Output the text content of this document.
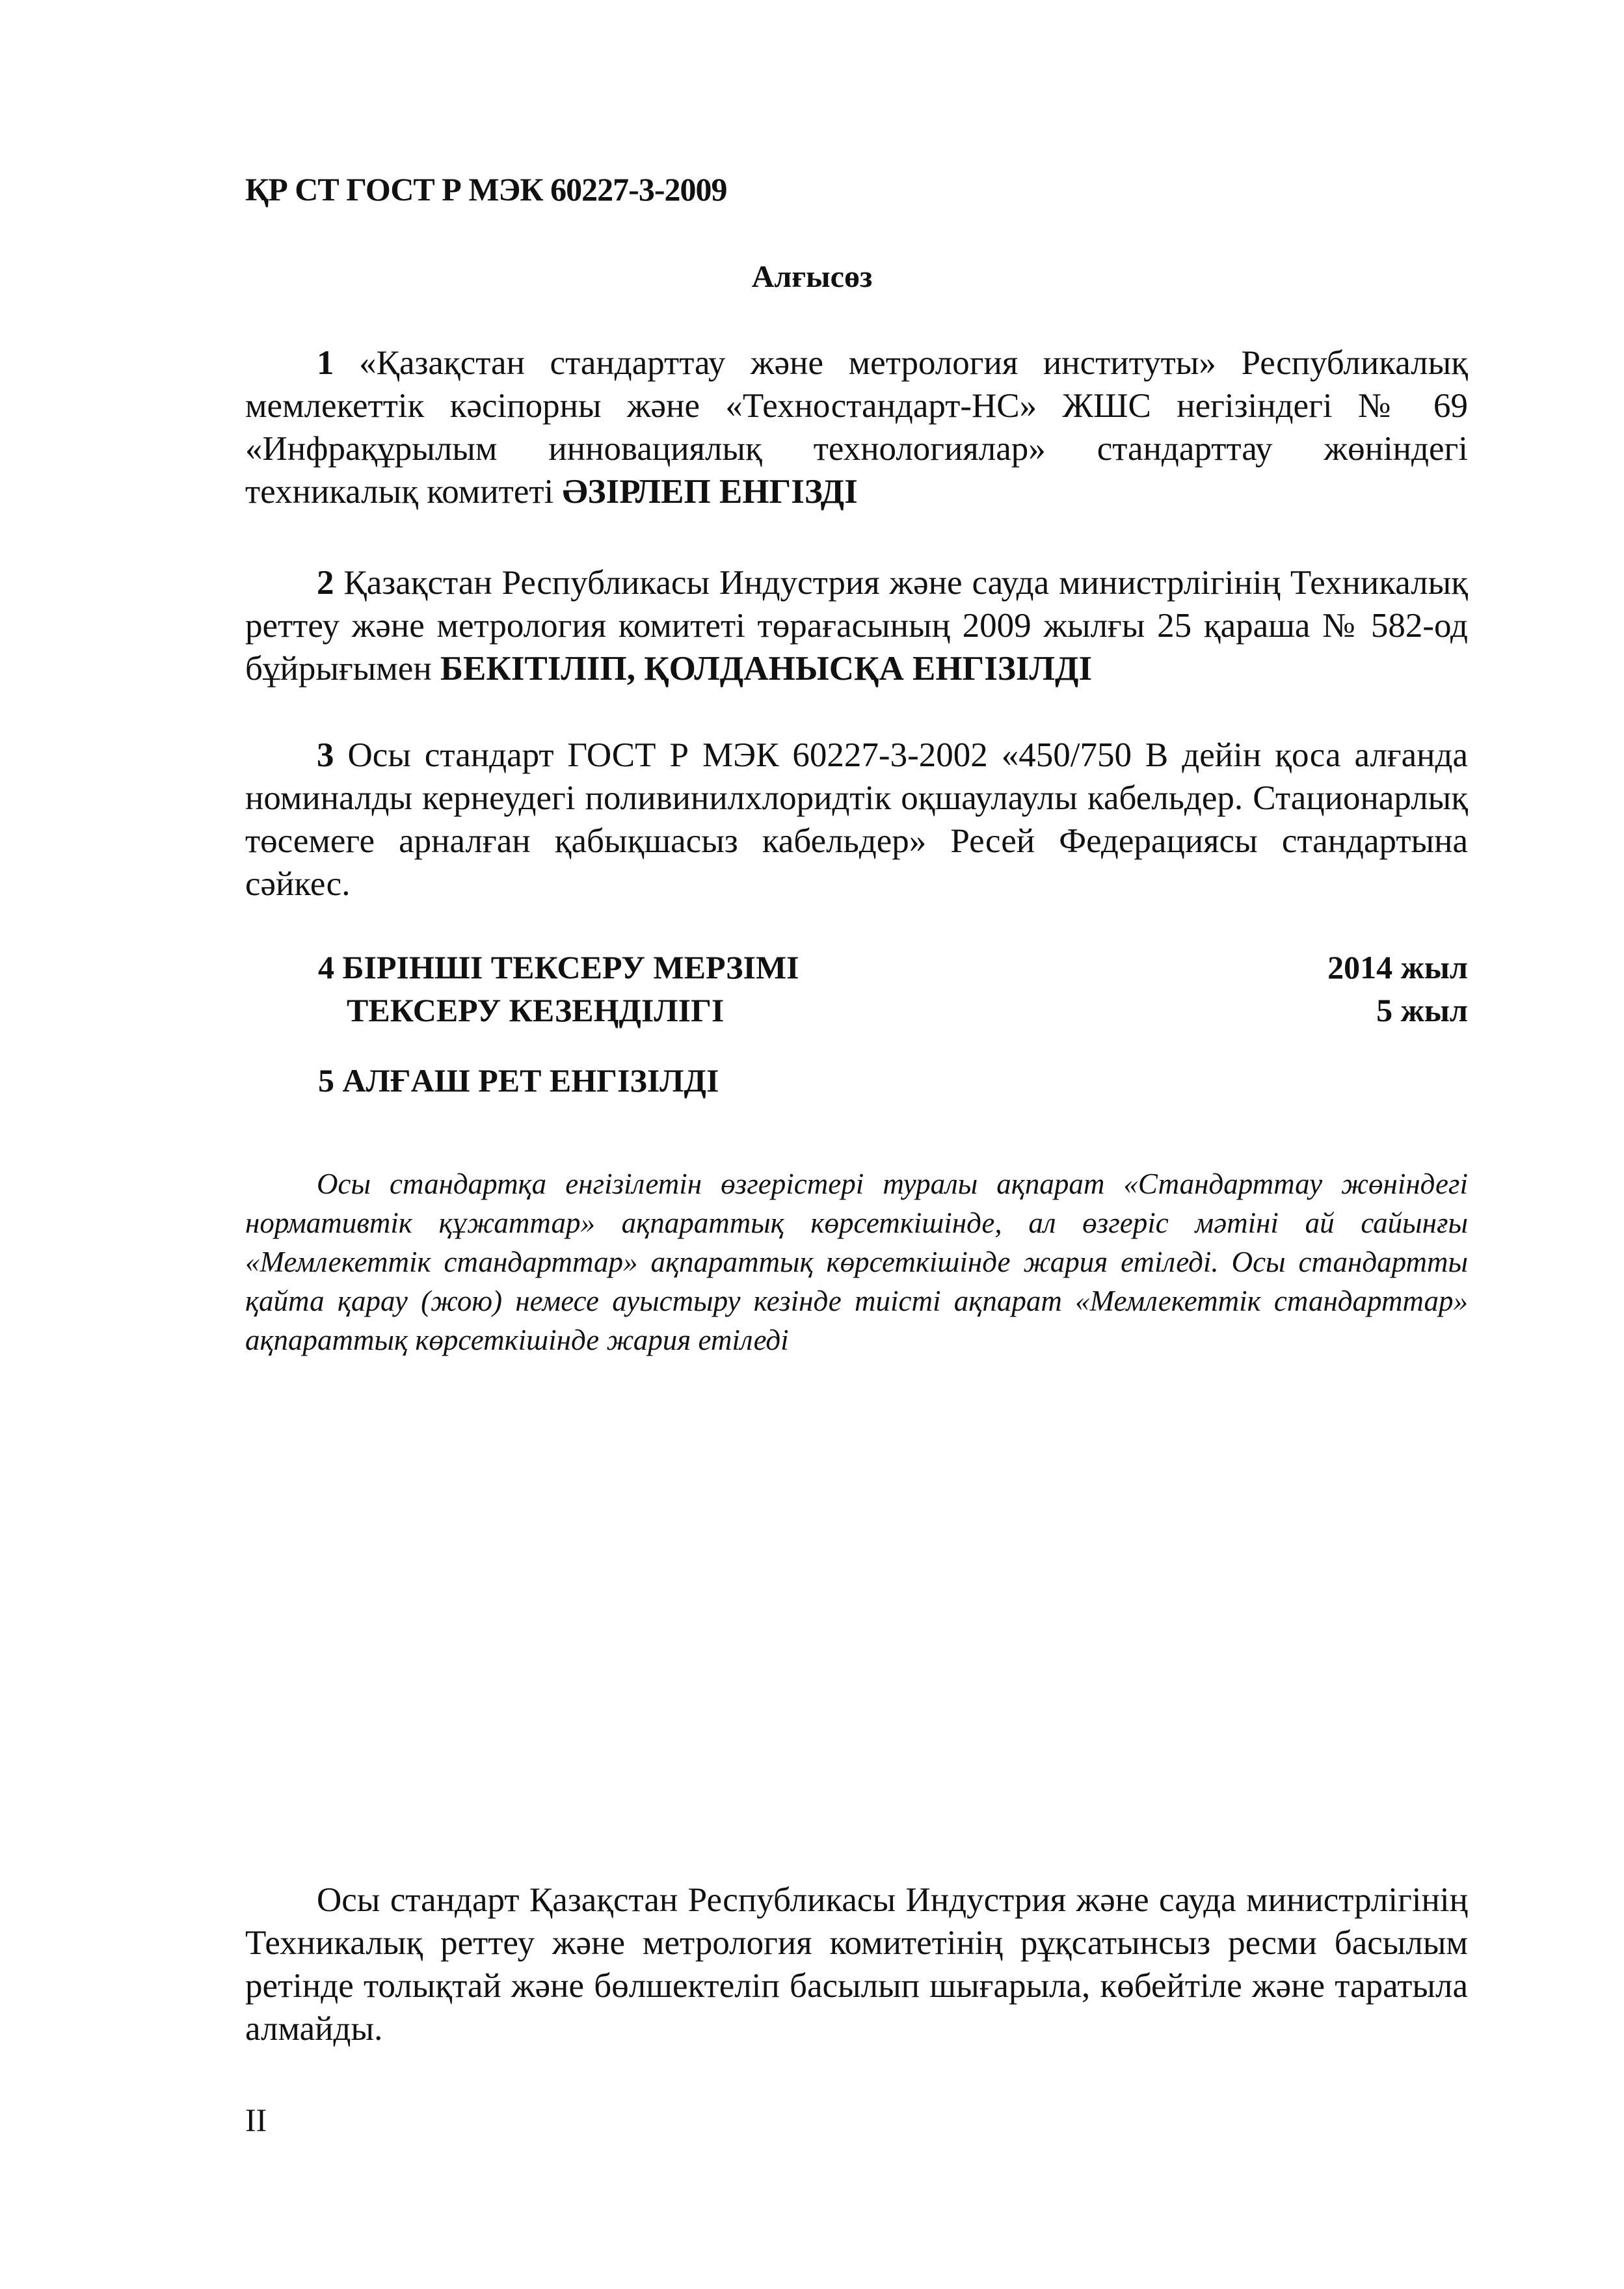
ҚР СТ ГОСТ Р МЭК 60227-3-2009
Алғысөз
1 «Қазақстан стандарттау және метрология институты» Республикалық мемлекеттік кәсіпорны және «Техностандарт-НС» ЖШС негізіндегі № 69 «Инфрақұрылым инновациялық технологиялар» стандарттау жөніндегі техникалық комитеті ӘЗІРЛЕП ЕНГІЗДІ
2 Қазақстан Республикасы Индустрия және сауда министрлігінің Техникалық реттеу және метрология комитеті төрағасының 2009 жылғы 25 қараша № 582-од бұйрығымен БЕКІТІЛІП, ҚОЛДАНЫСҚА ЕНГІЗІЛДІ
3 Осы стандарт ГОСТ Р МЭК 60227-3-2002 «450/750 В дейін қоса алғанда номиналды кернеудегі поливинилхлоридтік оқшаулаулы кабельдер. Стационарлық төсемеге арналған қабықшасыз кабельдер» Ресей Федерациясы стандартына сәйкес.
4 БІРІНШІ ТЕКСЕРУ МЕРЗІМІ	2014 жыл
ТЕКСЕРУ КЕЗЕҢДІЛІГІ	5 жыл
5 АЛҒАШ РЕТ ЕНГІЗІЛДІ
Осы стандартқа енгізілетін өзгерістері туралы ақпарат «Стандарттау жөніндегі нормативтік құжаттар» ақпараттық көрсеткішінде, ал өзгеріс мәтіні ай сайынғы «Мемлекеттік стандарттар» ақпараттық көрсеткішінде жария етіледі. Осы стандартты қайта қарау (жою) немесе ауыстыру кезінде тиісті ақпарат «Мемлекеттік стандарттар» ақпараттық көрсеткішінде жария етіледі
Осы стандарт Қазақстан Республикасы Индустрия және сауда министрлігінің Техникалық реттеу және метрология комитетінің рұқсатынсыз ресми басылым ретінде толықтай және бөлшектеліп басылып шығарыла, көбейтіле және таратыла алмайды.
II
